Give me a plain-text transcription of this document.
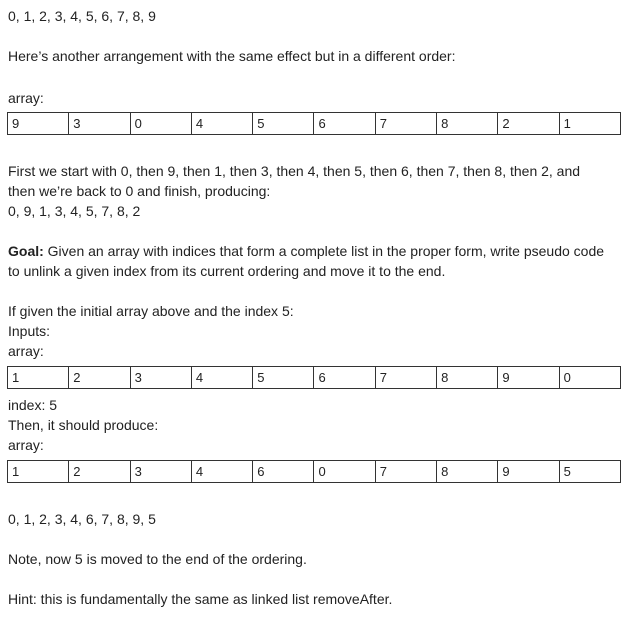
0, 1, 2, 3, 4, 5, 6, 7, 8, 9
Here’s another arrangement with the same effect but in a different order:
array:
9	3	0	4	5	6	7	8	2	1
First we start with 0, then 9, then 1, then 3, then 4, then 5, then 6, then 7, then 8, then 2, and
then we’re back to 0 and finish, producing:
0, 9, 1, 3, 4, 5, 7, 8, 2
Goal: Given an array with indices that form a complete list in the proper form, write pseudo code
to unlink a given index from its current ordering and move it to the end.
If given the initial array above and the index 5:
Inputs:
array:
1	2	3	4	5	6	7	8	9	0
index: 5
Then, it should produce:
array:
1	2	3	4	6	0	7	8	9	5
0, 1, 2, 3, 4, 6, 7, 8, 9, 5
Note, now 5 is moved to the end of the ordering.
Hint: this is fundamentally the same as linked list removeAfter.
